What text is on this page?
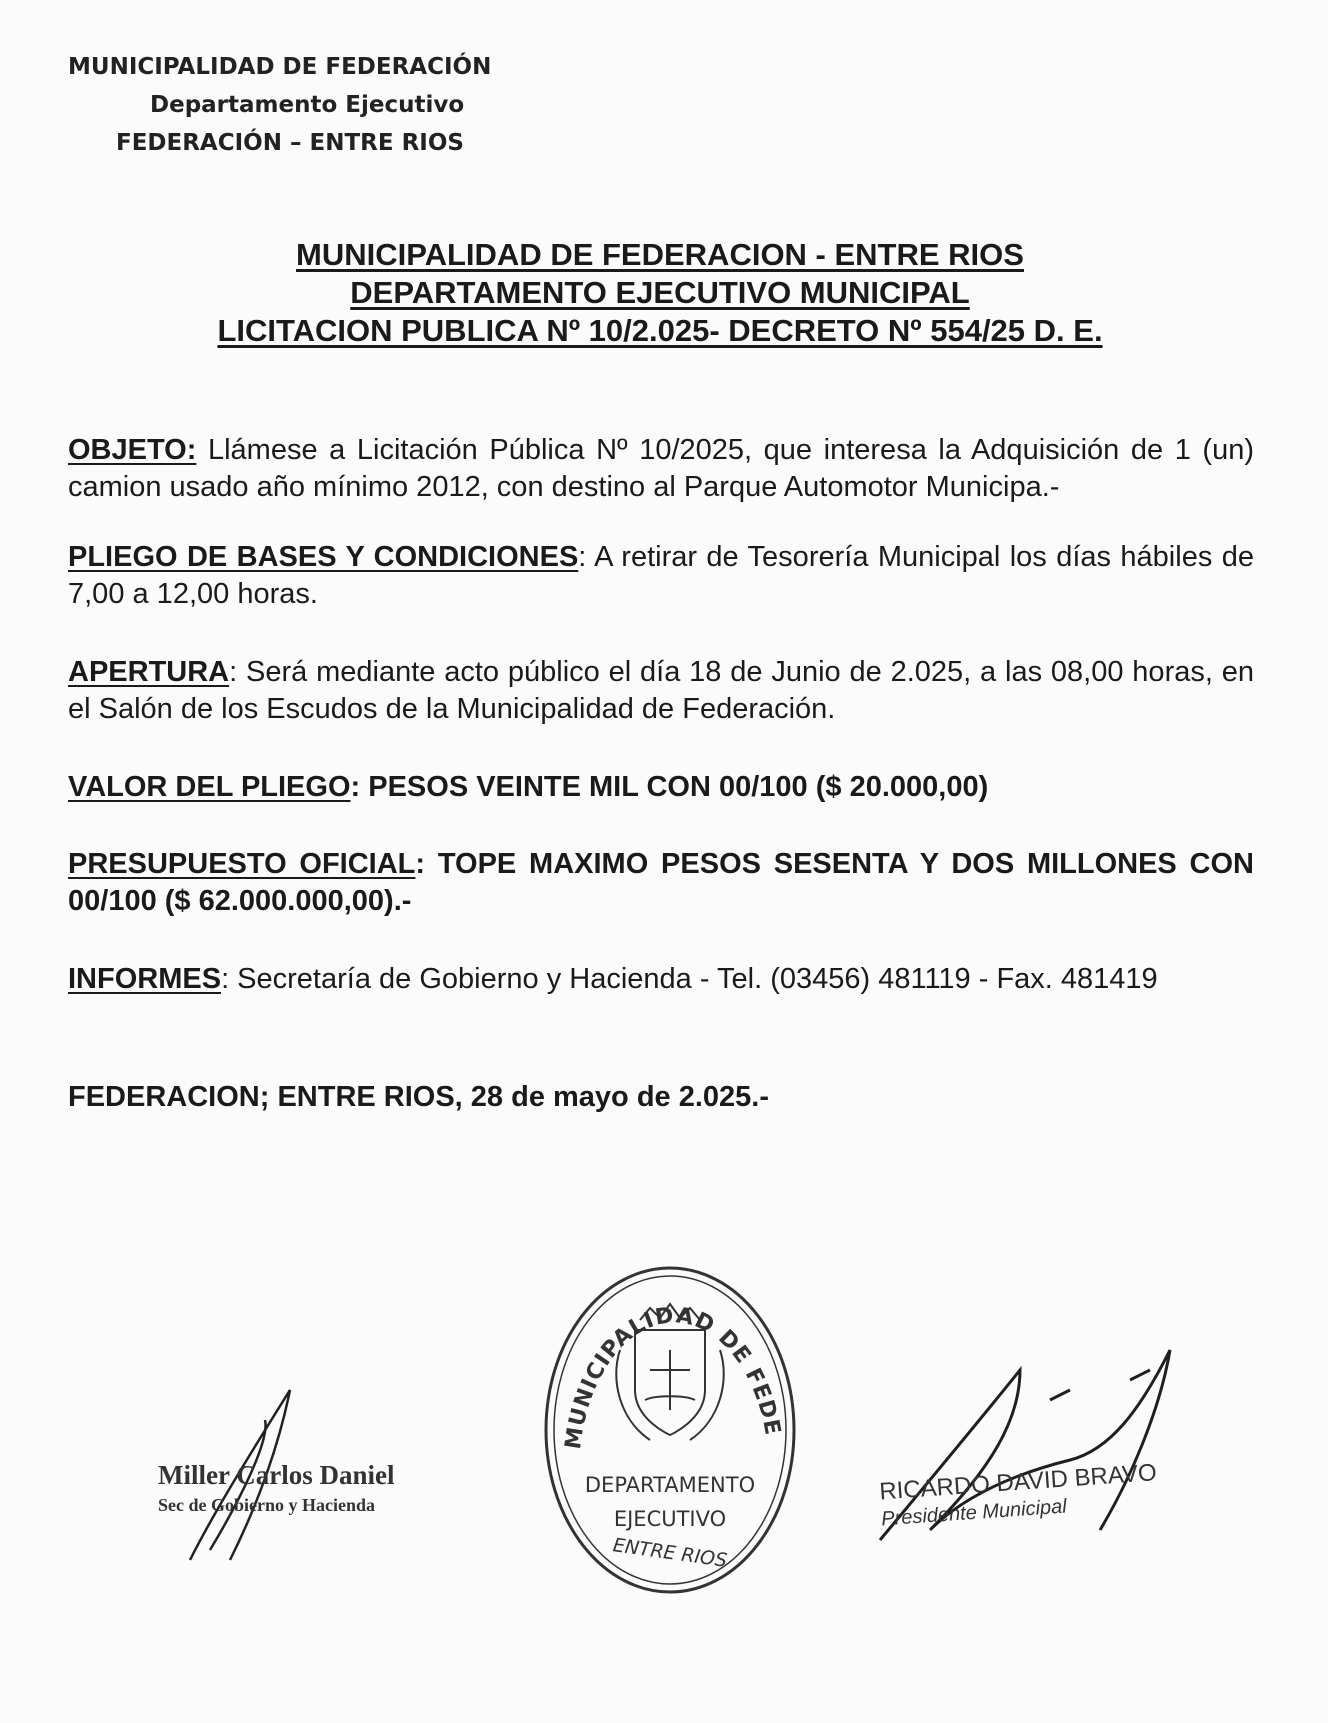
MUNICIPALIDAD DE FEDERACIÓN
Departamento Ejecutivo
FEDERACIÓN – ENTRE RIOS
MUNICIPALIDAD DE FEDERACION - ENTRE RIOS
DEPARTAMENTO EJECUTIVO MUNICIPAL
LICITACION PUBLICA Nº 10/2.025- DECRETO Nº 554/25 D. E.
OBJETO: Llámese a Licitación Pública Nº 10/2025, que interesa la Adquisición de 1 (un) camion usado año mínimo 2012, con destino al Parque Automotor Municipa.-
PLIEGO DE BASES Y CONDICIONES: A retirar de Tesorería Municipal los días hábiles de 7,00 a 12,00 horas.
APERTURA: Será mediante acto público el día 18 de Junio de 2.025, a las 08,00 horas, en el Salón de los Escudos de la Municipalidad de Federación.
VALOR DEL PLIEGO: PESOS VEINTE MIL CON 00/100 ($ 20.000,00)
PRESUPUESTO OFICIAL: TOPE MAXIMO PESOS SESENTA Y DOS MILLONES CON 00/100 ($ 62.000.000,00).-
INFORMES: Secretaría de Gobierno y Hacienda - Tel. (03456) 481119 - Fax. 481419
FEDERACION; ENTRE RIOS, 28 de mayo de 2.025.-
Miller Carlos Daniel
Sec de Gobierno y Hacienda
MUNICIPALIDAD DE FEDE
DEPARTAMENTO
EJECUTIVO
ENTRE RIOS
RICARDO DAVID BRAVO
Presidente Municipal
